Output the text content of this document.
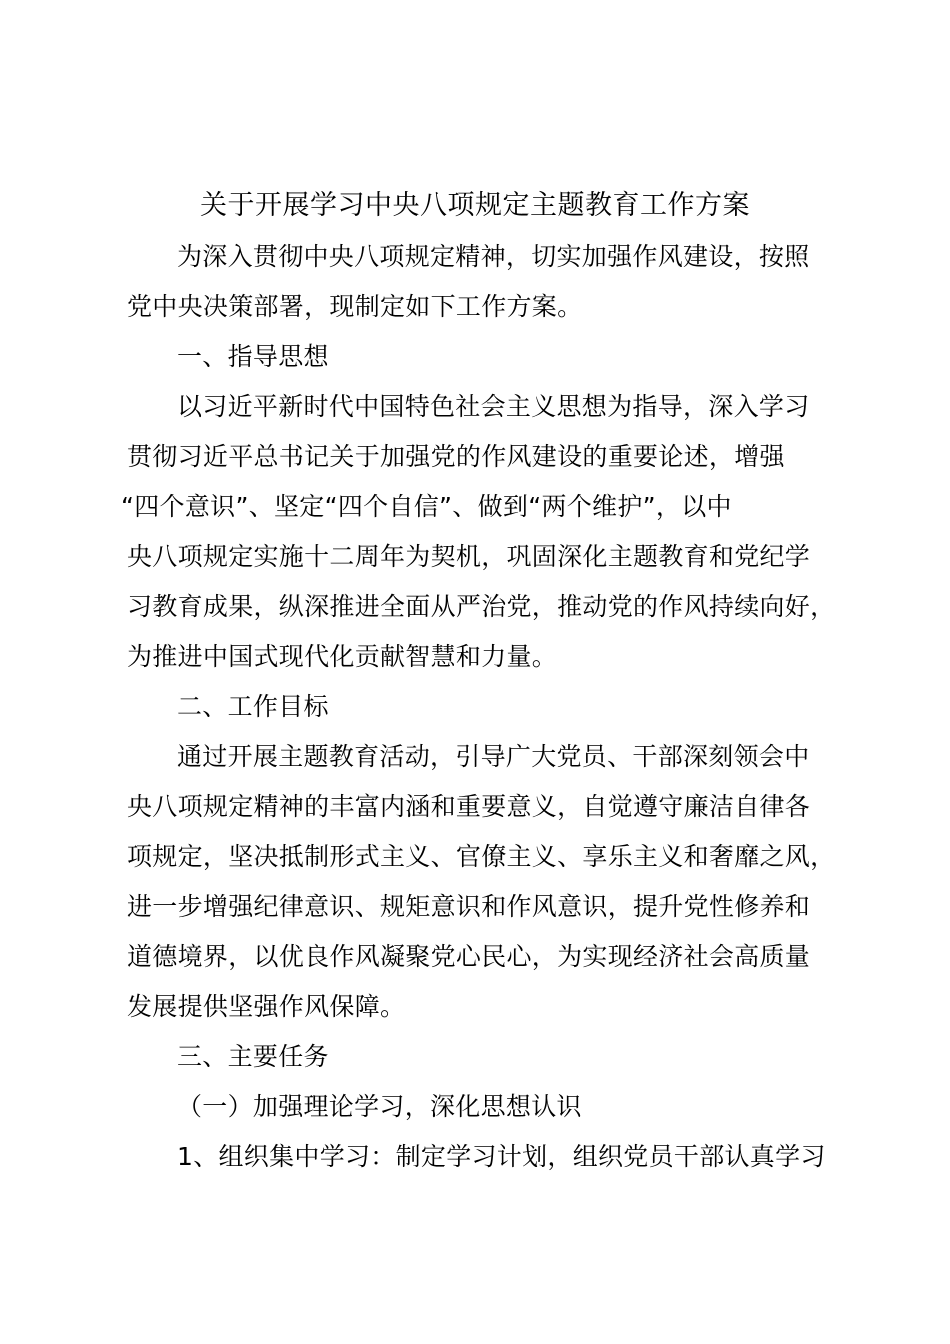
关于开展学习中央八项规定主题教育工作方案
为深入贯彻中央八项规定精神，切实加强作风建设，按照
党中央决策部署，现制定如下工作方案。
一、指导思想
以习近平新时代中国特色社会主义思想为指导，深入学习
贯彻习近平总书记关于加强党的作风建设的重要论述，增强
“四个意识”、坚定“四个自信”、做到“两个维护”，以中
央八项规定实施十二周年为契机，巩固深化主题教育和党纪学
习教育成果，纵深推进全面从严治党，推动党的作风持续向好，
为推进中国式现代化贡献智慧和力量。
二、工作目标
通过开展主题教育活动，引导广大党员、干部深刻领会中
央八项规定精神的丰富内涵和重要意义，自觉遵守廉洁自律各
项规定，坚决抵制形式主义、官僚主义、享乐主义和奢靡之风，
进一步增强纪律意识、规矩意识和作风意识，提升党性修养和
道德境界，以优良作风凝聚党心民心，为实现经济社会高质量
发展提供坚强作风保障。
三、主要任务
（一）加强理论学习，深化思想认识
1、组织集中学习：制定学习计划，组织党员干部认真学习
